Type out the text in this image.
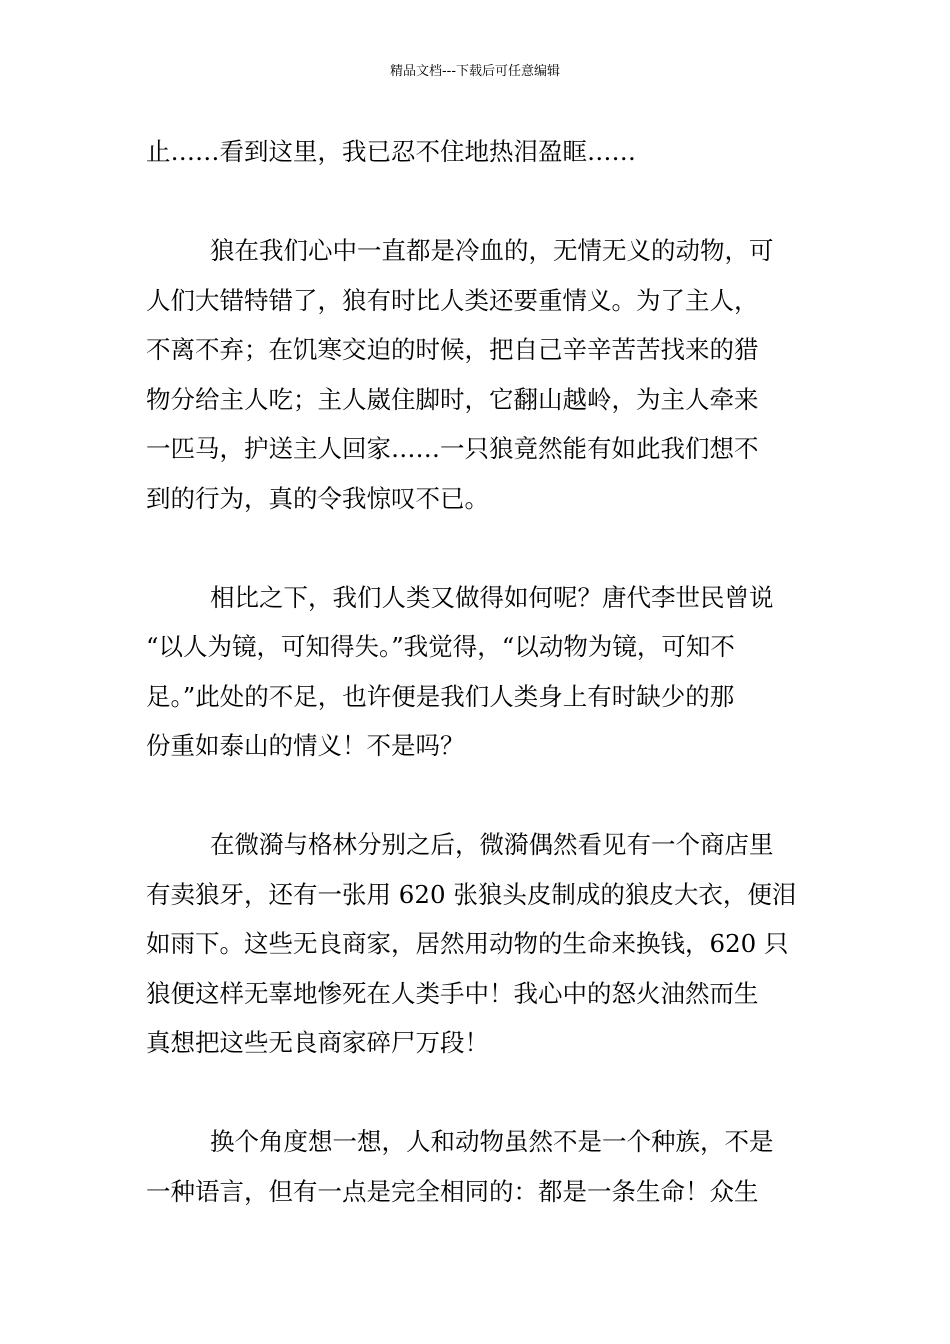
精品文档---下载后可任意编辑

止……看到这里，我已忍不住地热泪盈眶……

狼在我们心中一直都是冷血的，无情无义的动物，可
人们大错特错了，狼有时比人类还要重情义。为了主人，
不离不弃；在饥寒交迫的时候，把自己辛辛苦苦找来的猎
物分给主人吃；主人崴住脚时，它翻山越岭，为主人牵来
一匹马，护送主人回家……一只狼竟然能有如此我们想不
到的行为，真的令我惊叹不已。

相比之下，我们人类又做得如何呢？唐代李世民曾说
“以人为镜，可知得失。”我觉得，“以动物为镜，可知不
足。”此处的不足，也许便是我们人类身上有时缺少的那
份重如泰山的情义！不是吗？

在微漪与格林分别之后，微漪偶然看见有一个商店里
有卖狼牙，还有一张用 620 张狼头皮制成的狼皮大衣，便泪
如雨下。这些无良商家，居然用动物的生命来换钱，620 只
狼便这样无辜地惨死在人类手中！我心中的怒火油然而生
真想把这些无良商家碎尸万段！

换个角度想一想，人和动物虽然不是一个种族，不是
一种语言，但有一点是完全相同的：都是一条生命！众生
